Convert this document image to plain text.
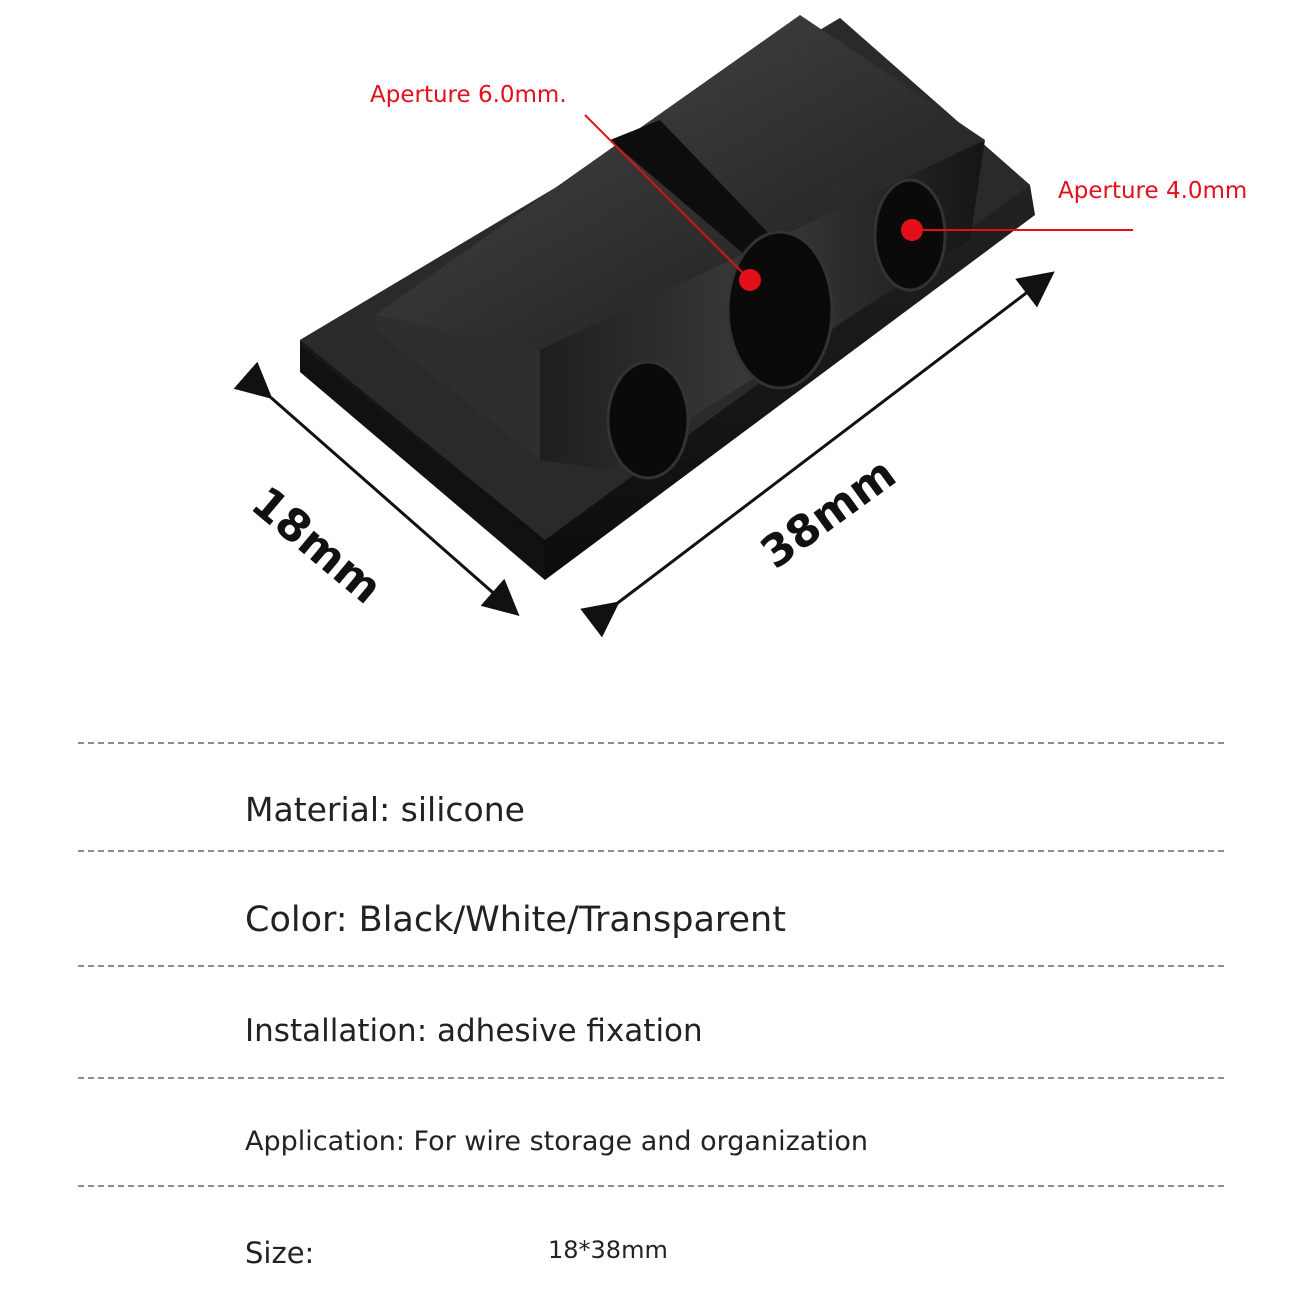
Aperture 6.0mm.
Aperture 4.0mm
18mm	38mm
Material: silicone
Color: Black/White/Transparent
Installation: adhesive fixation
Application: For wire storage and organization
Size:	18*38mm
